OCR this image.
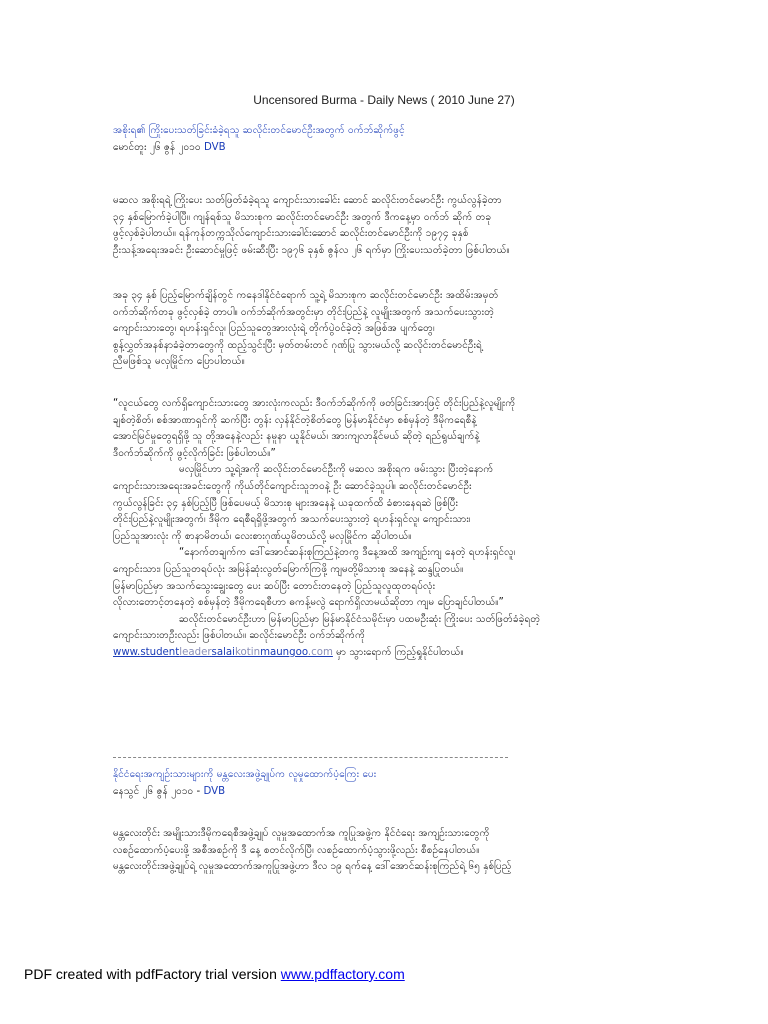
Uncensored Burma - Daily News ( 2010 June 27)
အစိုးရ၏ ကြိုးပေးသတ်ခြင်းခံခဲ့ရသူ ဆလိုင်းတင်မောင်ဦးအတွက် ဝက်ဘ်ဆိုက်ဖွင့်
မောင်တူး ၂၆ ဇွန် ၂၀၁၀ DVB
မဆလ အစိုးရရဲ့ ကြိုးပေး သတ်ဖြတ်ခံခဲ့ရသူ ကျောင်းသားခေါင်း ဆောင် ဆလိုင်းတင်မောင်ဦး ကွယ်လွန်ခဲ့တာ
၃၄ နှစ်မြောက်ခဲ့ပါပြီ။ ကျန်ရစ်သူ မိသားစုက ဆလိုင်းတင်မောင်ဦး အတွက် ဒီကနေ့မှာ ဝက်ဘ် ဆိုက် တခု
ဖွင့်လှစ်ခဲ့ပါတယ်။ ရန်ကုန်တက္ကသိုလ်ကျောင်းသားခေါင်းဆောင် ဆလိုင်းတင်မောင်ဦးကို ၁၉၇၄ ခုနှစ်
ဦးသန့်အရေးအခင်း ဦးဆောင်မှုဖြင့် ဖမ်းဆီးပြီး ၁၉၇၆ ခုနှစ် ဇွန်လ ၂၆ ရက်မှာ ကြိုးပေးသတ်ခဲ့တာ ဖြစ်ပါတယ်။
အခု ၃၄ နှစ် ပြည့်မြောက်ချိန်တွင် ကနေဒါနိုင်ငံရောက် သူ့ရဲ့ မိသားစုက ဆလိုင်းတင်မောင်ဦး အထိမ်းအမှတ်
ဝက်ဘ်ဆိုက်တခု ဖွင့်လှစ်ခဲ့ တာပါ။ ဝက်ဘ်ဆိုက်အတွင်းမှာ တိုင်းပြည်နဲ့ လူမျိုးအတွက် အသက်ပေးသွားတဲ့
ကျောင်းသားတွေ၊ ရဟန်းရှင်လူ၊ ပြည်သူတွေအားလုံးရဲ့ တိုက်ပွဲဝင်ခဲ့တဲ့ အဖြစ်အ ပျက်တွေ၊
စွန့်လွှတ်အနစ်နာခံခဲ့တာတွေကို ထည့်သွင်းပြီး မှတ်တမ်းတင် ဂုဏ်ပြု သွားမယ်လို့ ဆလိုင်းတင်မောင်ဦးရဲ့
ညီမဖြစ်သူ မလှမြိုင်က ပြောပါတယ်။
“လူငယ်တွေ လက်ရှိကျောင်းသားတွေ အားလုံးကလည်း ဒီဝက်ဘ်ဆိုက်ကို ဖတ်ခြင်းအားဖြင့် တိုင်းပြည်နဲ့လူမျိုးကို
ချစ်တဲ့စိတ်၊ စစ်အာဏာရှင်ကို ဆက်ပြီး တွန်း လှန်နိုင်တဲ့စိတ်တွေ မြန်မာနိုင်ငံမှာ စစ်မှန်တဲ့ ဒီမိုကရေစီနဲ့
အောင်မြင်မှုတွေရရှိဖို့ သူ တို့အနေနဲ့လည်း နမူနာ ယူနိုင်မယ်၊ အားကျလာနိုင်မယ် ဆိုတဲ့ ရည်ရွယ်ချက်နဲ့
ဒီဝက်ဘ်ဆိုက်ကို ဖွင့်လိုက်ခြင်း ဖြစ်ပါတယ်။”
မလှမြိုင်ဟာ သူ့ရဲ့အကို ဆလိုင်းတင်မောင်ဦးကို မဆလ အစိုးရက ဖမ်းသွား ပြီးတဲ့နောက်
ကျောင်းသားအရေးအခင်းတွေကို ကိုယ်တိုင်ကျောင်းသူဘဝနဲ့ ဦး ဆောင်ခဲ့သူပါ။ ဆလိုင်းတင်မောင်ဦး
ကွယ်လွန်ခြင်း ၃၄ နှစ်ပြည့်ပြီ ဖြစ်ပေမယ့် မိသားစု များအနေနဲ့ ယခုထက်ထိ ခံစားနေရဆဲ ဖြစ်ပြီး
တိုင်းပြည်နဲ့လူမျိုးအတွက်၊ ဒီမိုက ရေစီရရှိဖို့အတွက် အသက်ပေးသွားတဲ့ ရဟန်းရှင်လူ၊ ကျောင်းသား၊
ပြည်သူအားလုံး ကို စာနာမိတယ်၊ လေးစားဂုဏ်ယူမိတယ်လို့ မလှမြိုင်က ဆိုပါတယ်။
“နောက်တချက်က ဒေါ်အောင်ဆန်းစုကြည်နဲ့တကွ ဒီနေ့အထိ အကျဉ်းကျ နေတဲ့ ရဟန်းရှင်လူ၊
ကျောင်းသား၊ ပြည်သူတရပ်လုံး အမြန်ဆုံးလွတ်မြောက်ကြဖို့ ကျမတို့မိသားစု အနေနဲ့ ဆန္ဒပြုတယ်။
မြန်မာပြည်မှာ အသက်သွေးချွေးတွေ ပေး ဆပ်ပြီး တောင်းတနေတဲ့ ပြည်သူလူထုတရပ်လုံး
လိုလားတောင့်တနေတဲ့ စစ်မှန်တဲ့ ဒီမိုကရေစီဟာ ဓကန့်မလွဲ ရောက်ရှိလာမယ်ဆိုတာ ကျမ ပြောချင်ပါတယ်။”
ဆလိုင်းတင်မောင်ဦးဟာ မြန်မာပြည်မှာ မြန်မာနိုင်ငံသမိုင်းမှာ ပထမဦးဆုံး ကြိုးပေး သတ်ဖြတ်ခံခဲ့ရတဲ့
ကျောင်းသားတဦးလည်း ဖြစ်ပါတယ်။ ဆလိုင်းမောင်ဦး ဝက်ဘ်ဆိုက်ကို
www.studentleadersalaikotinmaungoo.com မှာ သွားရောက် ကြည့်ရှုနိုင်ပါတယ်။
နိုင်ငံရေးအကျဉ်းသားများကို မန္တလေးအဖွဲ့ချုပ်က လူမှုထောက်ပံ့ကြေး ပေး
နေသွင် ၂၆ ဇွန် ၂၀၁၀ - DVB
မန္တလေးတိုင်း အမျိုးသားဒီမိုကရေစီအဖွဲ့ချုပ် လူမှုအထောက်အ ကူပြုအဖွဲ့က နိုင်ငံရေး အကျဉ်းသားတွေကို
လစဉ်ထောက်ပံ့ပေးဖို့ အစီအစဉ်ကို ဒီ နေ့ စတင်လိုက်ပြီ၊ လစဉ်ထောက်ပံ့သွားဖို့လည်း စီစဉ်နေပါတယ်။
မန္တလေးတိုင်းအဖွဲ့ချုပ်ရဲ့ လူမှုအထောက်အကူပြုအဖွဲ့ဟာ ဒီလ ၁၉ ရက်နေ့ ဒေါ်အောင်ဆန်းစုကြည်ရဲ့ ၆၅ နှစ်ပြည့်
PDF created with pdfFactory trial version www.pdffactory.com
